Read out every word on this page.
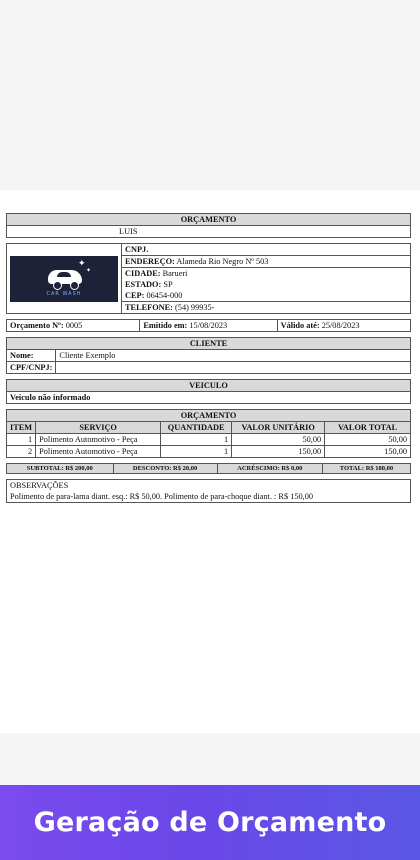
ORÇAMENTO
LUIS
✦
✦
CAR WASH
	CNPJ.
ENDEREÇO: Alameda Rio Negro Nº 503
CIDADE: Barueri
ESTADO: SP
CEP: 06454-000
TELEFONE: (54) 99935-
Orçamento Nº: 0005	Emitido em: 15/08/2023	Válido até: 25/08/2023
CLIENTE	
Nome:	Cliente Exemplo
CPF/CNPJ:	
VEICULO
Veiculo não informado
ORÇAMENTO				
ITEM	SERVIÇO	QUANTIDADE	VALOR UNITÁRIO	VALOR TOTAL
1	Polimento Automotivo - Peça	1	50,00	50,00
2	Polimento Automotivo - Peça	1	150,00	150,00
SUBTOTAL: R$ 200,00	DESCONTO: R$ 20,00	ACRÉSCIMO: R$ 0,00	TOTAL: R$ 180,00
OBSERVAÇÕES
Polimento de para-lama diant. esq.: R$ 50,00. Polimento de para-choque diant. : R$ 150,00
Geração de Orçamento
